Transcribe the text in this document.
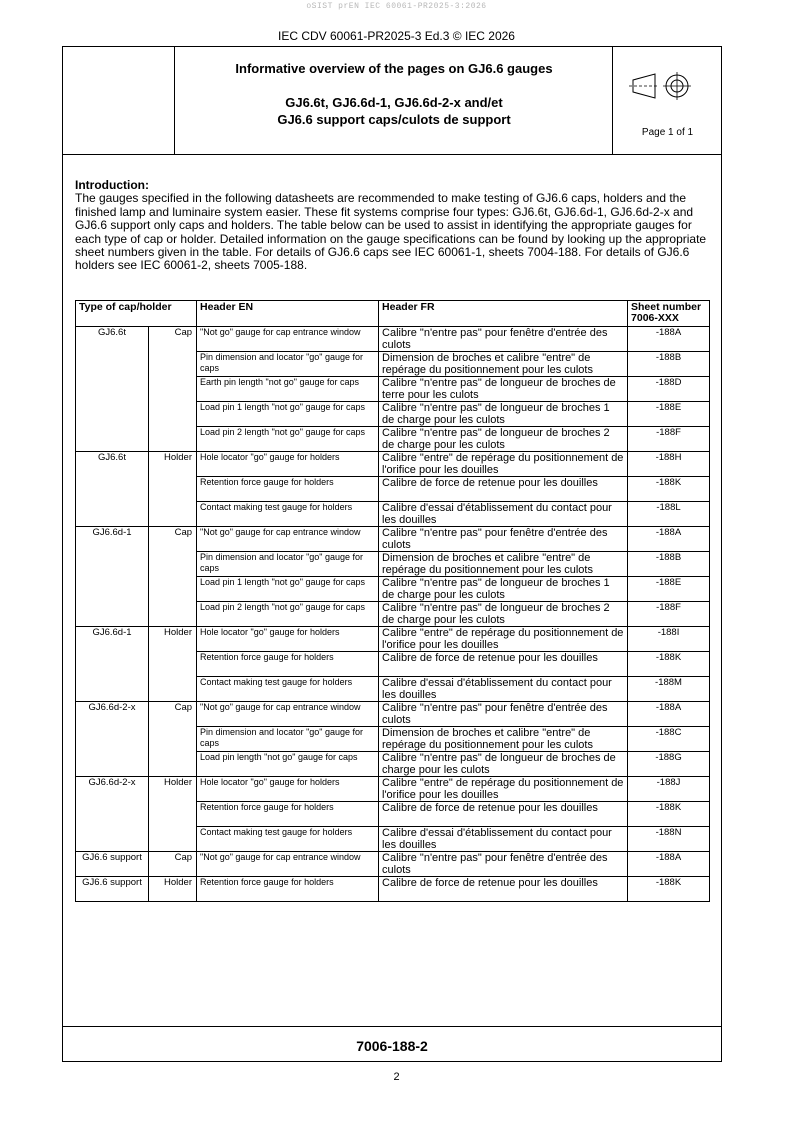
oSIST prEN IEC 60061-PR2025-3:2026
IEC CDV 60061-PR2025-3 Ed.3 © IEC 2026
Informative overview of the pages on GJ6.6 gauges
GJ6.6t, GJ6.6d-1, GJ6.6d-2-x and/et
GJ6.6 support caps/culots de support
Page 1 of 1
Introduction:
The gauges specified in the following datasheets are recommended to make testing of GJ6.6 caps, holders and the finished lamp and luminaire system easier. These fit systems comprise four types: GJ6.6t, GJ6.6d-1, GJ6.6d-2-x and GJ6.6 support only caps and holders. The table below can be used to assist in identifying the appropriate gauges for each type of cap or holder. Detailed information on the gauge specifications can be found by looking up the appropriate sheet numbers given in the table. For details of GJ6.6 caps see IEC 60061-1, sheets 7004-188. For details of GJ6.6 holders see IEC 60061-2, sheets 7005-188.
Type of cap/holder		Header EN	Header FR	Sheet number 7006-XXX
GJ6.6t	Cap	"Not go" gauge for cap entrance window	Calibre "n'entre pas" pour fenêtre d'entrée des culots	-188A
		Pin dimension and locator "go" gauge for caps	Dimension de broches et calibre "entre" de repérage du positionnement pour les culots	-188B
		Earth pin length "not go" gauge for caps	Calibre "n'entre pas" de longueur de broches de terre pour les culots	-188D
		Load pin 1 length "not go" gauge for caps	Calibre "n'entre pas" de longueur de broches 1 de charge pour les culots	-188E
		Load pin 2 length "not go" gauge for caps	Calibre "n'entre pas" de longueur de broches 2 de charge pour les culots	-188F
GJ6.6t	Holder	Hole locator "go" gauge for holders	Calibre "entre" de repérage du positionnement de l'orifice pour les douilles	-188H
		Retention force gauge for holders	Calibre de force de retenue pour les douilles	-188K
		Contact making test gauge for holders	Calibre d'essai d'établissement du contact pour les douilles	-188L
GJ6.6d-1	Cap	"Not go" gauge for cap entrance window	Calibre "n'entre pas" pour fenêtre d'entrée des culots	-188A
		Pin dimension and locator "go" gauge for caps	Dimension de broches et calibre "entre" de repérage du positionnement pour les culots	-188B
		Load pin 1 length "not go" gauge for caps	Calibre "n'entre pas" de longueur de broches 1 de charge pour les culots	-188E
		Load pin 2 length "not go" gauge for caps	Calibre "n'entre pas" de longueur de broches 2 de charge pour les culots	-188F
GJ6.6d-1	Holder	Hole locator "go" gauge for holders	Calibre "entre" de repérage du positionnement de l'orifice pour les douilles	-188I
		Retention force gauge for holders	Calibre de force de retenue pour les douilles	-188K
		Contact making test gauge for holders	Calibre d'essai d'établissement du contact pour les douilles	-188M
GJ6.6d-2-x	Cap	"Not go" gauge for cap entrance window	Calibre "n'entre pas" pour fenêtre d'entrée des culots	-188A
		Pin dimension and locator "go" gauge for caps	Dimension de broches et calibre "entre" de repérage du positionnement pour les culots	-188C
		Load pin length "not go" gauge for caps	Calibre "n'entre pas" de longueur de broches de charge pour les culots	-188G
GJ6.6d-2-x	Holder	Hole locator "go" gauge for holders	Calibre "entre" de repérage du positionnement de l'orifice pour les douilles	-188J
		Retention force gauge for holders	Calibre de force de retenue pour les douilles	-188K
		Contact making test gauge for holders	Calibre d'essai d'établissement du contact pour les douilles	-188N
GJ6.6 support	Cap	"Not go" gauge for cap entrance window	Calibre "n'entre pas" pour fenêtre d'entrée des culots	-188A
GJ6.6 support	Holder	Retention force gauge for holders	Calibre de force de retenue pour les douilles	-188K
7006-188-2
2
